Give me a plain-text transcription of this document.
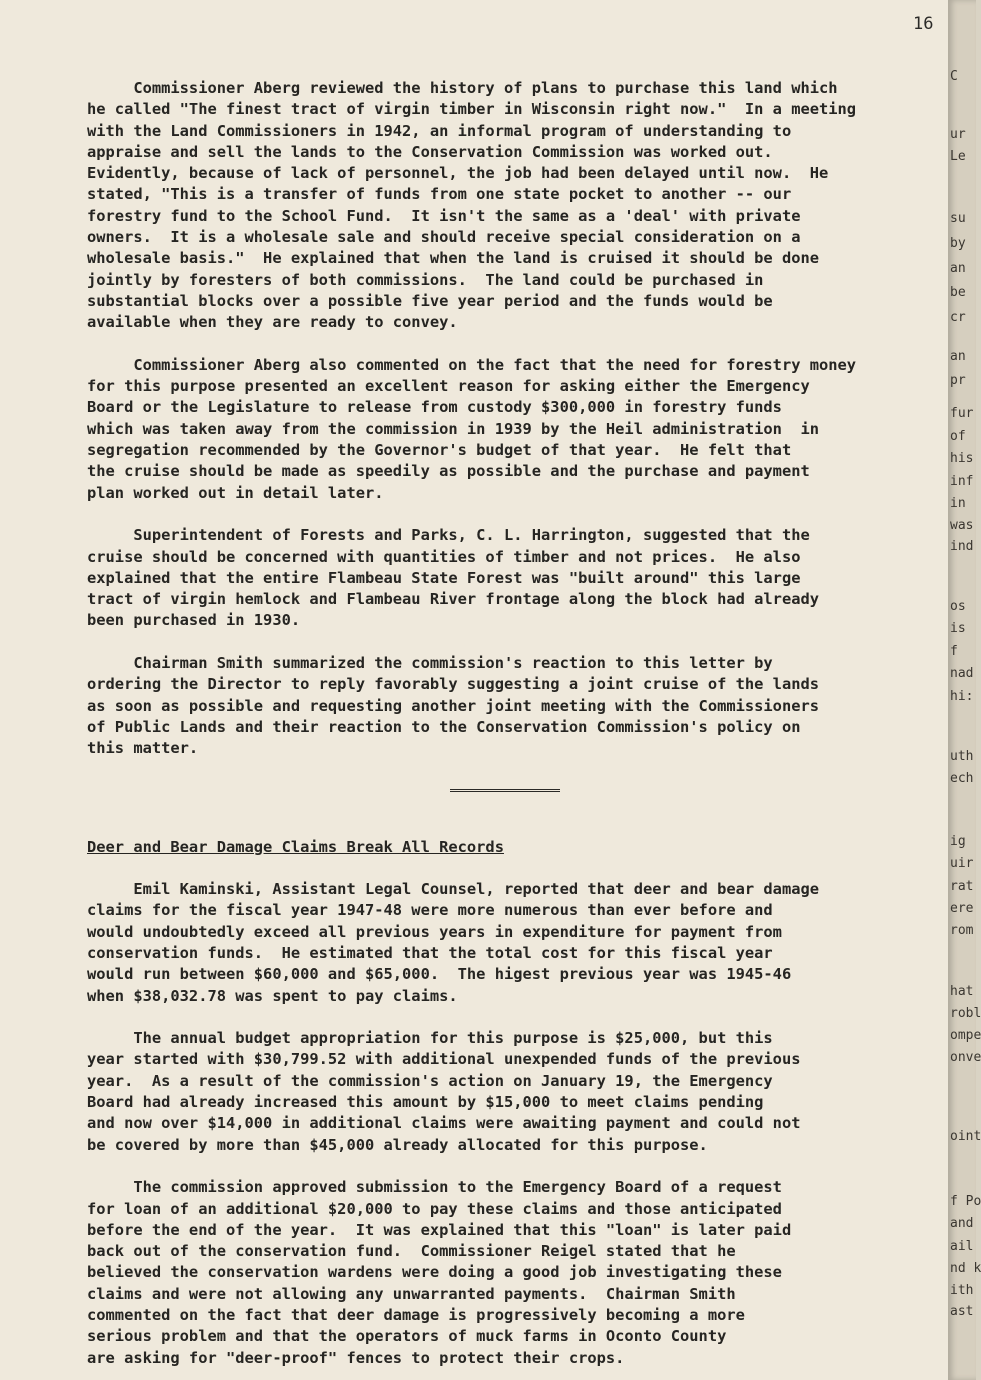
16

Commissioner Aberg reviewed the history of plans to purchase this land which
he called "The finest tract of virgin timber in Wisconsin right now."  In a meeting
with the Land Commissioners in 1942, an informal program of understanding to
appraise and sell the lands to the Conservation Commission was worked out.
Evidently, because of lack of personnel, the job had been delayed until now.  He
stated, "This is a transfer of funds from one state pocket to another -- our
forestry fund to the School Fund.  It isn't the same as a 'deal' with private
owners.  It is a wholesale sale and should receive special consideration on a
wholesale basis."  He explained that when the land is cruised it should be done
jointly by foresters of both commissions.  The land could be purchased in
substantial blocks over a possible five year period and the funds would be
available when they are ready to convey.

Commissioner Aberg also commented on the fact that the need for forestry money
for this purpose presented an excellent reason for asking either the Emergency
Board or the Legislature to release from custody $300,000 in forestry funds
which was taken away from the commission in 1939 by the Heil administration  in
segregation recommended by the Governor's budget of that year.  He felt that
the cruise should be made as speedily as possible and the purchase and payment
plan worked out in detail later.

Superintendent of Forests and Parks, C. L. Harrington, suggested that the
cruise should be concerned with quantities of timber and not prices.  He also
explained that the entire Flambeau State Forest was "built around" this large
tract of virgin hemlock and Flambeau River frontage along the block had already
been purchased in 1930.

Chairman Smith summarized the commission's reaction to this letter by
ordering the Director to reply favorably suggesting a joint cruise of the lands
as soon as possible and requesting another joint meeting with the Commissioners
of Public Lands and their reaction to the Conservation Commission's policy on
this matter.

Deer and Bear Damage Claims Break All Records

Emil Kaminski, Assistant Legal Counsel, reported that deer and bear damage
claims for the fiscal year 1947-48 were more numerous than ever before and
would undoubtedly exceed all previous years in expenditure for payment from
conservation funds.  He estimated that the total cost for this fiscal year
would run between $60,000 and $65,000.  The higest previous year was 1945-46
when $38,032.78 was spent to pay claims.

The annual budget appropriation for this purpose is $25,000, but this
year started with $30,799.52 with additional unexpended funds of the previous
year.  As a result of the commission's action on January 19, the Emergency
Board had already increased this amount by $15,000 to meet claims pending
and now over $14,000 in additional claims were awaiting payment and could not
be covered by more than $45,000 already allocated for this purpose.

The commission approved submission to the Emergency Board of a request
for loan of an additional $20,000 to pay these claims and those anticipated
before the end of the year.  It was explained that this "loan" is later paid
back out of the conservation fund.  Commissioner Reigel stated that he
believed the conservation wardens were doing a good job investigating these
claims and were not allowing any unwarranted payments.  Chairman Smith
commented on the fact that deer damage is progressively becoming a more
serious problem and that the operators of muck farms in Oconto County
are asking for "deer-proof" fences to protect their crops.

C
ur
Le
su
by
an
be
cr
an
pr
fur
of
his
inf
in
was
ind
os
is
f
nad
hi:
uth
ech
ig
uir
rat
ere
rom
hat
robl
ompe
onve
oint
f Po
and
ail
nd k
ith
ast
